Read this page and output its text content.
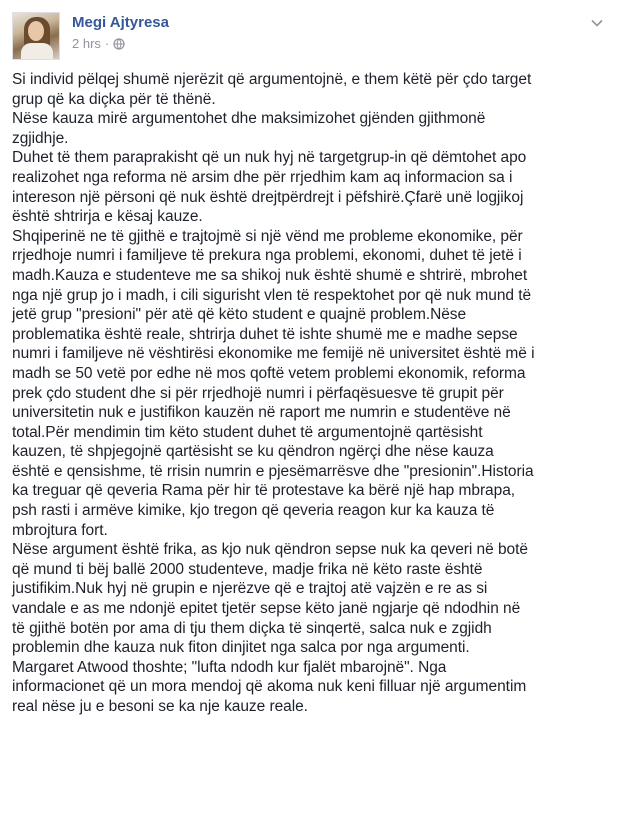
Megi Ajtyresa
2 hrs ·
Si individ pëlqej shumë njerëzit që argumentojnë, e them këtë për çdo target
grup që ka diçka për të thënë.
Nëse kauza mirë argumentohet dhe maksimizohet gjënden gjithmonë
zgjidhje.
Duhet të them paraprakisht që un nuk hyj në targetgrup-in që dëmtohet apo
realizohet nga reforma në arsim dhe për rrjedhim kam aq informacion sa i
intereson një përsoni që nuk është drejtpërdrejt i pëfshirë.Çfarë unë logjikoj
është shtrirja e kësaj kauze.
Shqiperinë ne të gjithë e trajtojmë si një vënd me probleme ekonomike, për
rrjedhoje numri i familjeve të prekura nga problemi, ekonomi, duhet të jetë i
madh.Kauza e studenteve me sa shikoj nuk është shumë e shtrirë, mbrohet
nga një grup jo i madh, i cili sigurisht vlen të respektohet por që nuk mund të
jetë grup "presioni" për atë që këto student e quajnë problem.Nëse
problematika është reale, shtrirja duhet të ishte shumë me e madhe sepse
numri i familjeve në vështirësi ekonomike me femijë në universitet është më i
madh se 50 vetë por edhe në mos qoftë vetem problemi ekonomik, reforma
prek çdo student dhe si për rrjedhojë numri i përfaqësuesve të grupit për
universitetin nuk e justifikon kauzën në raport me numrin e studentëve në
total.Për mendimin tim këto student duhet të argumentojnë qartësisht
kauzen, të shpjegojnë qartësisht se ku qëndron ngërçi dhe nëse kauza
është e qensishme, të rrisin numrin e pjesëmarrësve dhe "presionin".Historia
ka treguar që qeveria Rama për hir të protestave ka bërë një hap mbrapa,
psh rasti i armëve kimike, kjo tregon që qeveria reagon kur ka kauza të
mbrojtura fort.
Nëse argument është frika, as kjo nuk qëndron sepse nuk ka qeveri në botë
që mund ti bëj ballë 2000 studenteve, madje frika në këto raste është
justifikim.Nuk hyj në grupin e njerëzve që e trajtoj atë vajzën e re as si
vandale e as me ndonjë epitet tjetër sepse këto janë ngjarje që ndodhin në
të gjithë botën por ama di tju them diçka të sinqertë, salca nuk e zgjidh
problemin dhe kauza nuk fiton dinjitet nga salca por nga argumenti.
Margaret Atwood thoshte; "lufta ndodh kur fjalët mbarojnë". Nga
informacionet që un mora mendoj që akoma nuk keni filluar një argumentim
real nëse ju e besoni se ka nje kauze reale.
